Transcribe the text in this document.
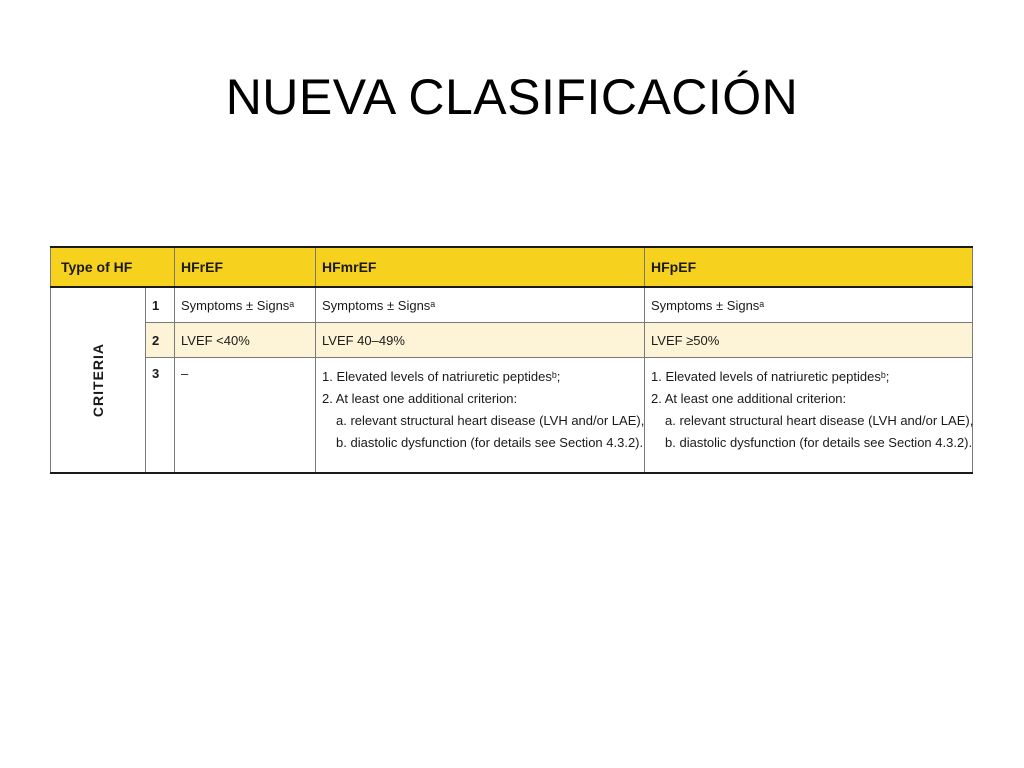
NUEVA CLASIFICACIÓN
Type of HF		HFrEF	HFmrEF	HFpEF
CRITERIA	1	Symptoms ± Signsᵃ	Symptoms ± Signsᵃ	Symptoms ± Signsᵃ
	2	LVEF <40%	LVEF 40–49%	LVEF ≥50%
	3	–	1. Elevated levels of natriuretic peptidesᵇ;
2. At least one additional criterion:
a. relevant structural heart disease (LVH and/or LAE),
b. diastolic dysfunction (for details see Section 4.3.2).	1. Elevated levels of natriuretic peptidesᵇ;
2. At least one additional criterion:
a. relevant structural heart disease (LVH and/or LAE),
b. diastolic dysfunction (for details see Section 4.3.2).
